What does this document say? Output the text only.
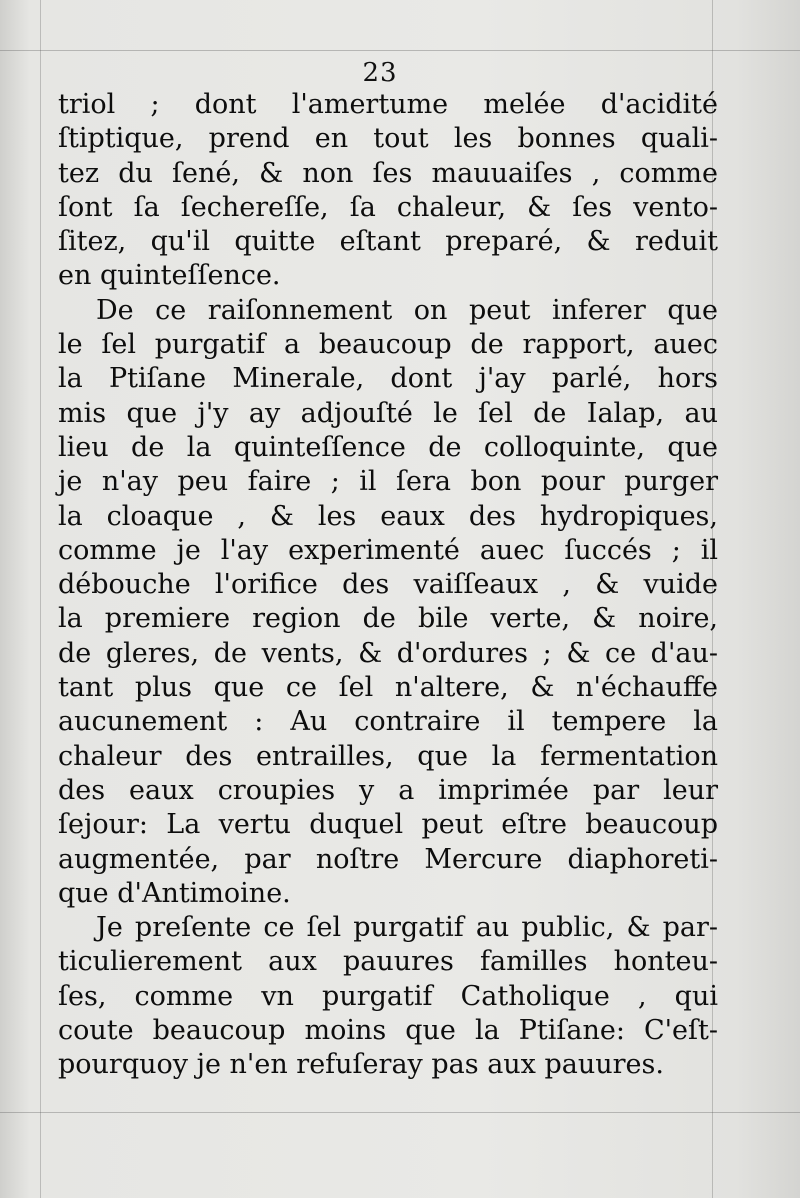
23
triol ; dont l'amertume melée d'acidité
ſtiptique, prend en tout les bonnes quali-
tez du ſené, & non ſes mauuaiſes , comme
ſont ſa ſechereſſe, ſa chaleur, & ſes vento-
ſitez, qu'il quitte eſtant preparé, & reduit
en quinteſſence.
De ce raiſonnement on peut inferer que
le ſel purgatif a beaucoup de rapport, auec
la Ptiſane Minerale, dont j'ay parlé, hors
mis que j'y ay adjouſté le ſel de Ialap, au
lieu de la quinteſſence de colloquinte, que
je n'ay peu faire ; il ſera bon pour purger
la cloaque , & les eaux des hydropiques,
comme je l'ay experimenté auec ſuccés ; il
débouche l'orifice des vaiſſeaux , & vuide
la premiere region de bile verte, & noire,
de gleres, de vents, & d'ordures ; & ce d'au-
tant plus que ce ſel n'altere, & n'échauffe
aucunement : Au contraire il tempere la
chaleur des entrailles, que la fermentation
des eaux croupies y a imprimée par leur
ſejour: La vertu duquel peut eſtre beaucoup
augmentée, par noſtre Mercure diaphoreti-
que d'Antimoine.
Je preſente ce ſel purgatif au public, & par-
ticulierement aux pauures familles honteu-
ſes, comme vn purgatif Catholique , qui
coute beaucoup moins que la Ptiſane: C'eſt-
pourquoy je n'en refuſeray pas aux pauures.
